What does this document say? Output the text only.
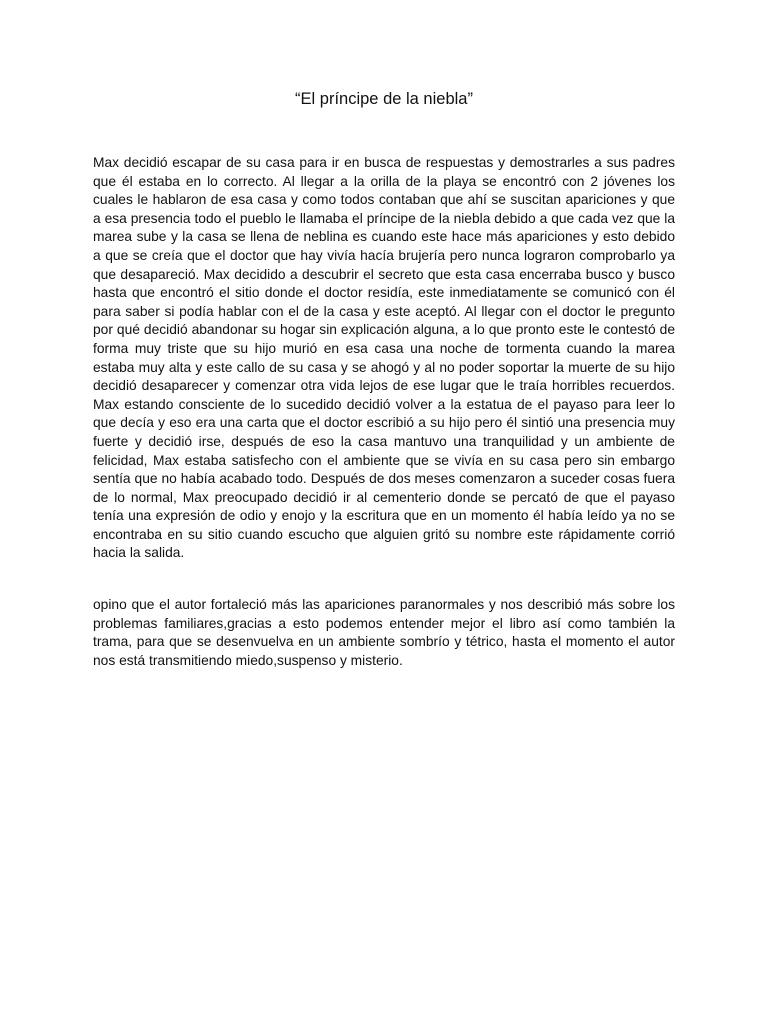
“El príncipe de la niebla”

Max decidió escapar de su casa para ir en busca de respuestas y demostrarles a sus padres que él estaba en lo correcto. Al llegar a la orilla de la playa se encontró con 2 jóvenes los cuales le hablaron de esa casa y como todos contaban que ahí se suscitan apariciones y que a esa presencia todo el pueblo le llamaba el príncipe de la niebla debido a que cada vez que la marea sube y la casa se llena de neblina es cuando este hace más apariciones y esto debido a que se creía que el doctor que hay vivía hacía brujería pero nunca lograron comprobarlo ya que desapareció. Max decidido a descubrir el secreto que esta casa encerraba busco y busco hasta que encontró el sitio donde el doctor residía, este inmediatamente se comunicó con él para saber si podía hablar con el de la casa y este aceptó. Al llegar con el doctor le pregunto por qué decidió abandonar su hogar sin explicación alguna, a lo que pronto este le contestó de forma muy triste que su hijo murió en esa casa una noche de tormenta cuando la marea estaba muy alta y este callo de su casa y se ahogó y al no poder soportar la muerte de su hijo decidió desaparecer y comenzar otra vida lejos de ese lugar que le traía horribles recuerdos. Max estando consciente de lo sucedido decidió volver a la estatua de el payaso para leer lo que decía y eso era una carta que el doctor escribió a su hijo pero él sintió una presencia muy fuerte y decidió irse, después de eso la casa mantuvo una tranquilidad y un ambiente de felicidad, Max estaba satisfecho con el ambiente que se vivía en su casa pero sin embargo sentía que no había acabado todo. Después de dos meses comenzaron a suceder cosas fuera de lo normal, Max preocupado decidió ir al cementerio donde se percató de que el payaso tenía una expresión de odio y enojo y la escritura que en un momento él había leído ya no se encontraba en su sitio cuando escucho que alguien gritó su nombre este rápidamente corrió hacia la salida.

opino que el autor fortaleció más las apariciones paranormales y nos describió más sobre los problemas familiares,gracias a esto podemos entender mejor el libro así como también la trama, para que se desenvuelva en un ambiente sombrío y tétrico, hasta el momento el autor nos está transmitiendo miedo,suspenso y misterio.
